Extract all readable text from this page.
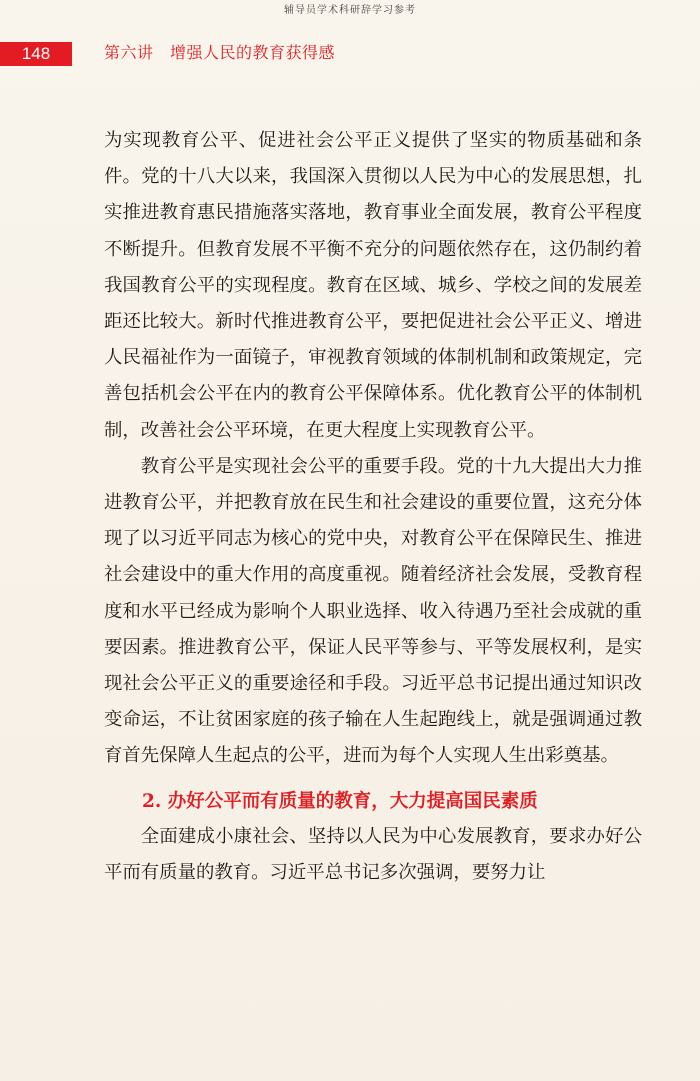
辅导员学术科研辞学习参考
148	第六讲　增强人民的教育获得感

为实现教育公平、促进社会公平正义提供了坚实的物质基础和条件。党的十八大以来，我国深入贯彻以人民为中心的发展思想，扎实推进教育惠民措施落实落地，教育事业全面发展，教育公平程度不断提升。但教育发展不平衡不充分的问题依然存在，这仍制约着我国教育公平的实现程度。教育在区域、城乡、学校之间的发展差距还比较大。新时代推进教育公平，要把促进社会公平正义、增进人民福祉作为一面镜子，审视教育领域的体制机制和政策规定，完善包括机会公平在内的教育公平保障体系。优化教育公平的体制机制，改善社会公平环境，在更大程度上实现教育公平。

教育公平是实现社会公平的重要手段。党的十九大提出大力推进教育公平，并把教育放在民生和社会建设的重要位置，这充分体现了以习近平同志为核心的党中央，对教育公平在保障民生、推进社会建设中的重大作用的高度重视。随着经济社会发展，受教育程度和水平已经成为影响个人职业选择、收入待遇乃至社会成就的重要因素。推进教育公平，保证人民平等参与、平等发展权利，是实现社会公平正义的重要途径和手段。习近平总书记提出通过知识改变命运，不让贫困家庭的孩子输在人生起跑线上，就是强调通过教育首先保障人生起点的公平，进而为每个人实现人生出彩奠基。

2. 办好公平而有质量的教育，大力提高国民素质

全面建成小康社会、坚持以人民为中心发展教育，要求办好公平而有质量的教育。习近平总书记多次强调，要努力让
